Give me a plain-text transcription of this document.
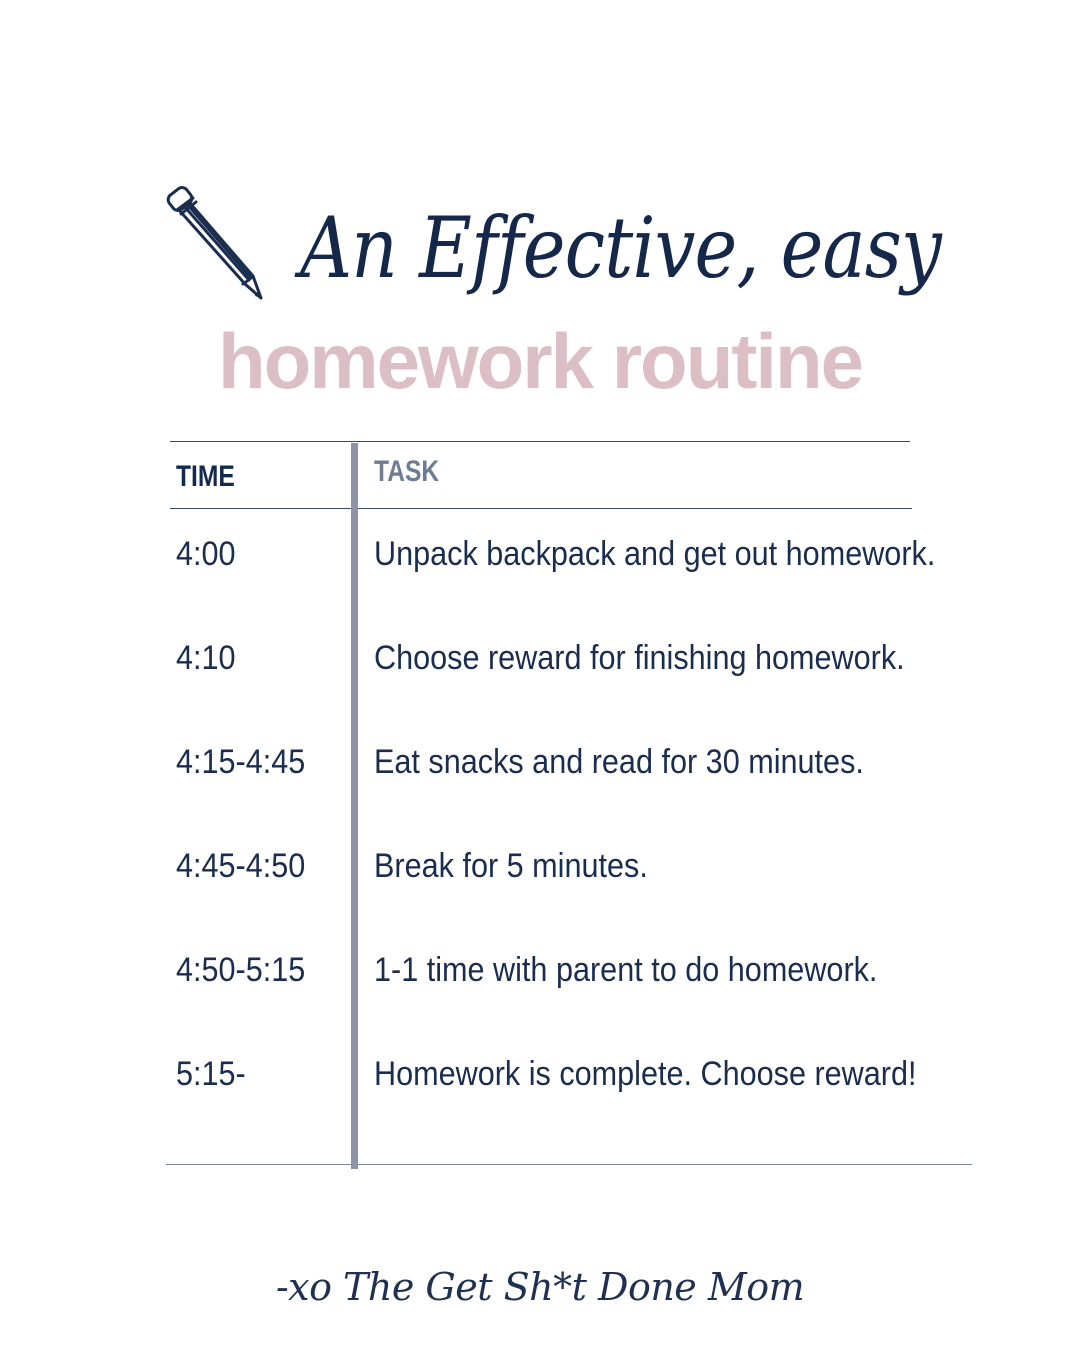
An Effective, easy
homework routine
TIME	TASK
4:00	Unpack backpack and get out homework.
4:10	Choose reward for finishing homework.
4:15-4:45 Eat snacks and read for 30 minutes.
4:45-4:50 Break for 5 minutes.
4:50-5:15 1-1 time with parent to do homework.
5:15-	Homework is complete. Choose reward!
-xo The Get Sh*t Done Mom
